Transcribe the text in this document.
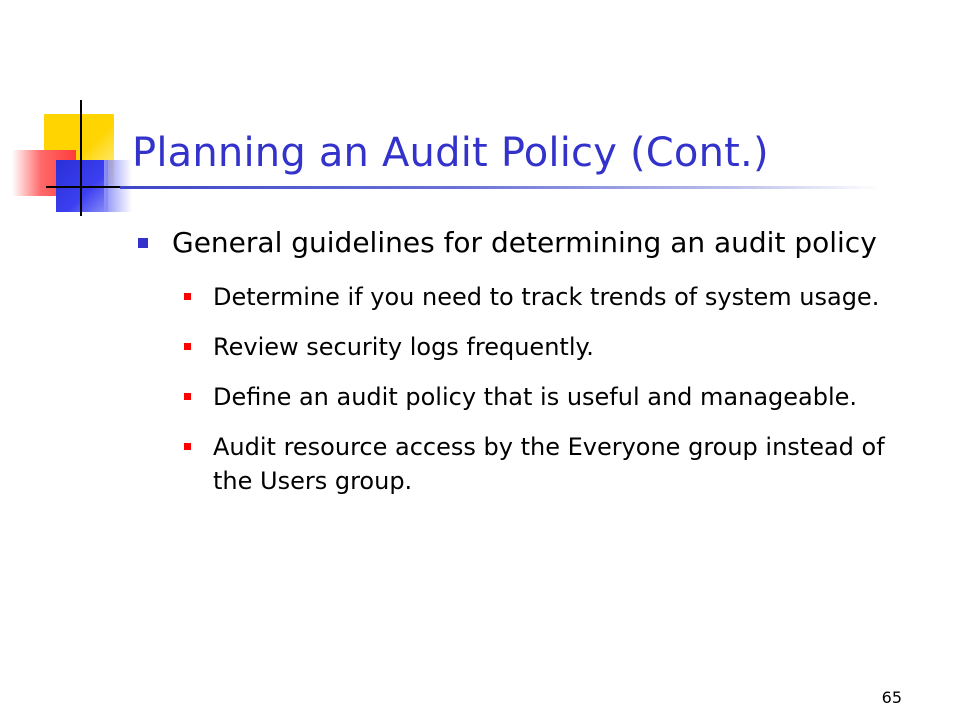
Planning an Audit Policy (Cont.)
General guidelines for determining an audit policy
Determine if you need to track trends of system usage.
Review security logs frequently.
Define an audit policy that is useful and manageable.
Audit resource access by the Everyone group instead of the Users group.
65
